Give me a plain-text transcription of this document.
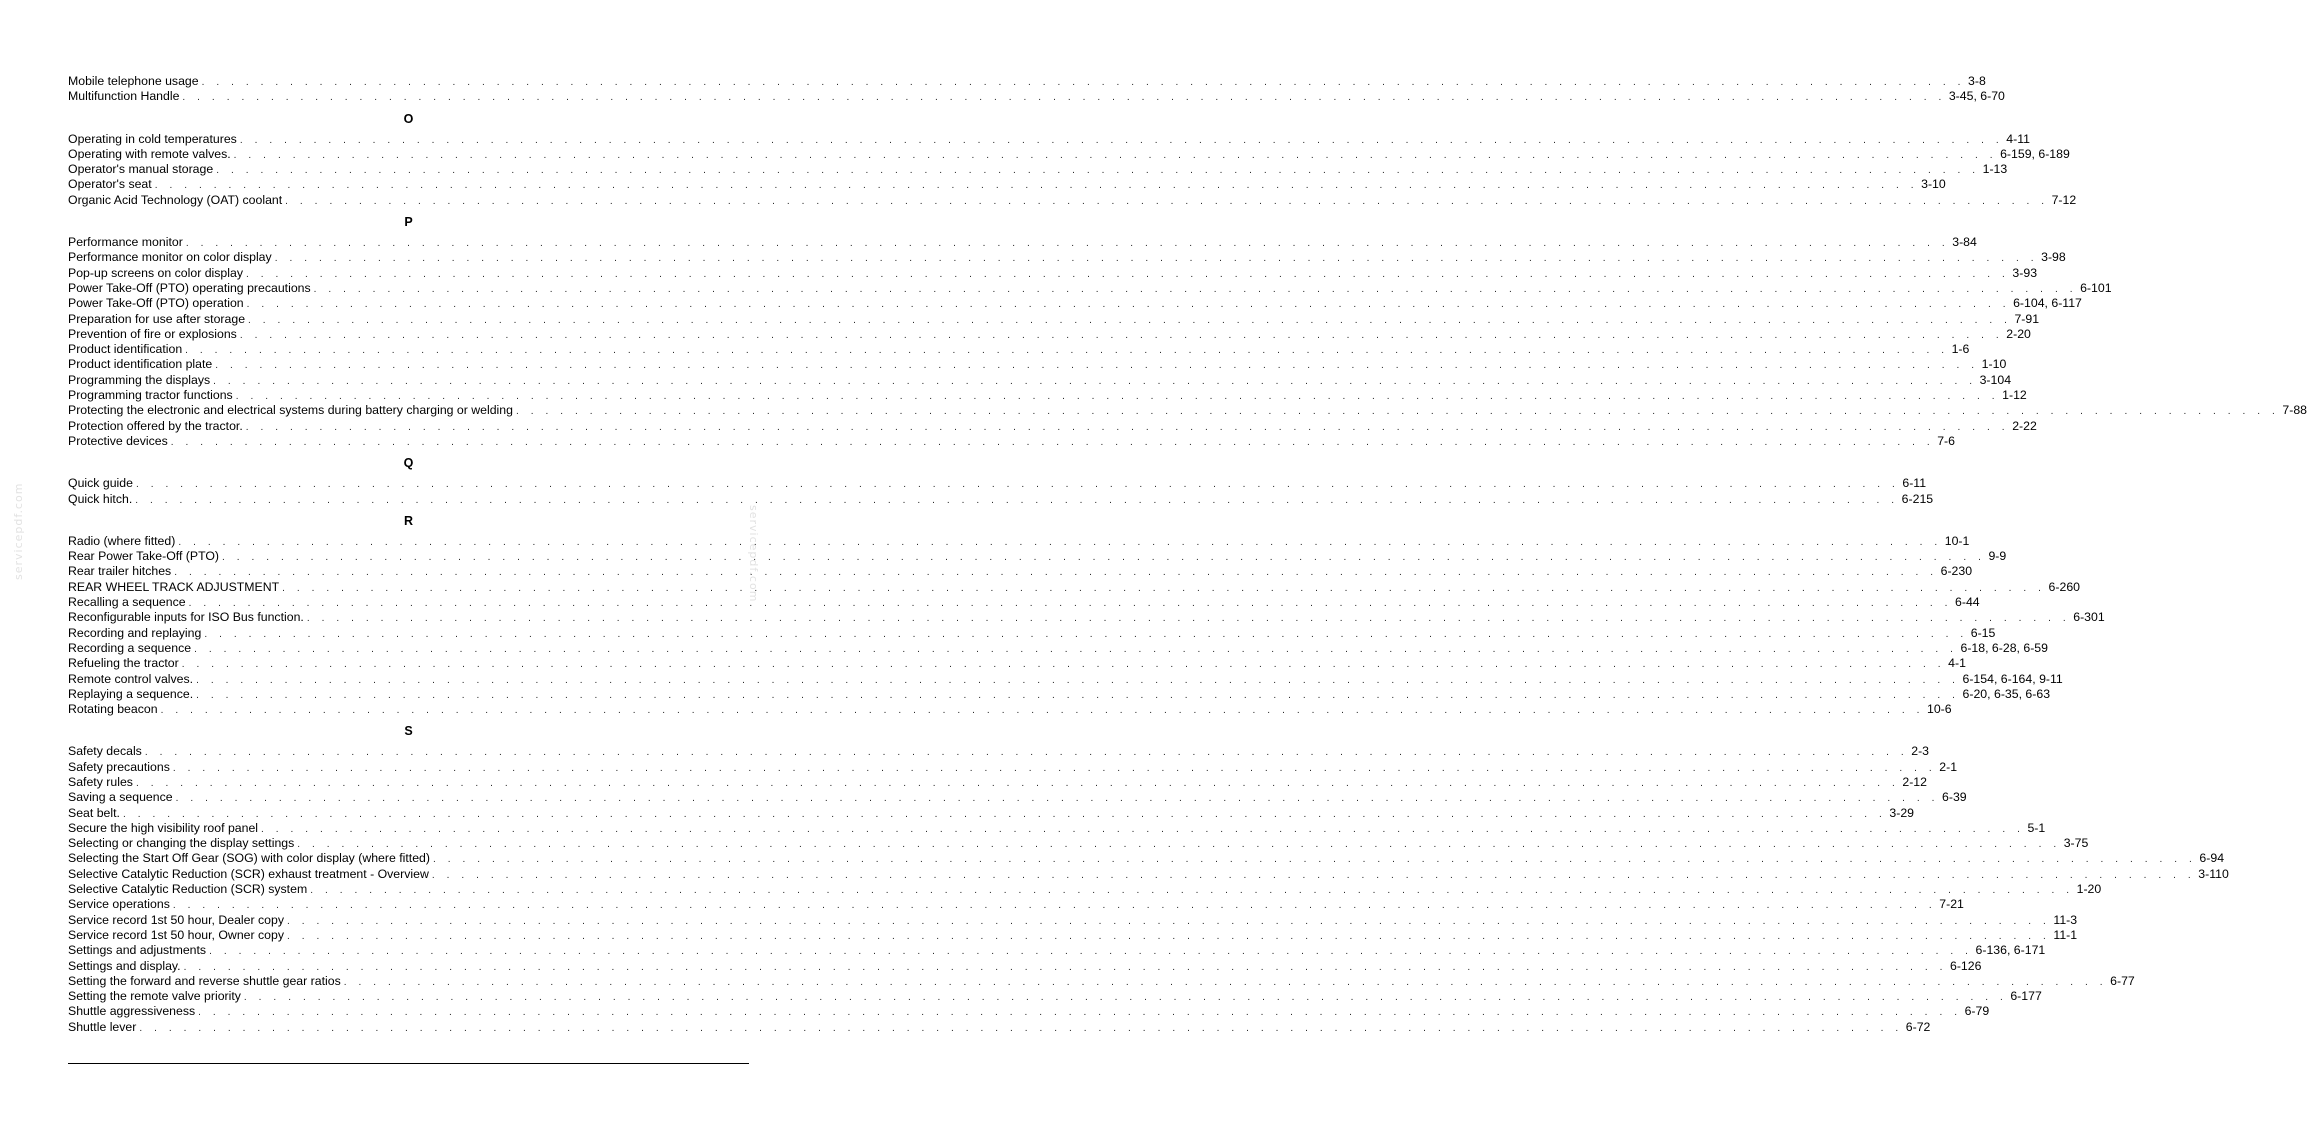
servicepdf.com	servicepdf.com
Mobile telephone usage . . . . . . . . . . . . . . . . . . . . . . . . . . . . . . . . . . . . . . . . . . . . . . . . . . . . . . . . . . . . . . . . . . . . . . . . . . . . . . . . . . . . . . . . . . . . . . . . . . . . . . . . . . . . . . . . . . . . . . . . 3-8
Multifunction Handle . . . . . . . . . . . . . . . . . . . . . . . . . . . . . . . . . . . . . . . . . . . . . . . . . . . . . . . . . . . . . . . . . . . . . . . . . . . . . . . . . . . . . . . . . . . . . . . . . . . . . . . . . . . . . . . . . . . . . . . . 3-45, 6-70
O
Operating in cold temperatures . . . . . . . . . . . . . . . . . . . . . . . . . . . . . . . . . . . . . . . . . . . . . . . . . . . . . . . . . . . . . . . . . . . . . . . . . . . . . . . . . . . . . . . . . . . . . . . . . . . . . . . . . . . . . . . . . . . . . . . . 4-11
Operating with remote valves. . . . . . . . . . . . . . . . . . . . . . . . . . . . . . . . . . . . . . . . . . . . . . . . . . . . . . . . . . . . . . . . . . . . . . . . . . . . . . . . . . . . . . . . . . . . . . . . . . . . . . . . . . . . . . . . . . . . . . . . . 6-159, 6-189
Operator's manual storage . . . . . . . . . . . . . . . . . . . . . . . . . . . . . . . . . . . . . . . . . . . . . . . . . . . . . . . . . . . . . . . . . . . . . . . . . . . . . . . . . . . . . . . . . . . . . . . . . . . . . . . . . . . . . . . . . . . . . . . . 1-13
Operator's seat . . . . . . . . . . . . . . . . . . . . . . . . . . . . . . . . . . . . . . . . . . . . . . . . . . . . . . . . . . . . . . . . . . . . . . . . . . . . . . . . . . . . . . . . . . . . . . . . . . . . . . . . . . . . . . . . . . . . . . . . 3-10
Organic Acid Technology (OAT) coolant . . . . . . . . . . . . . . . . . . . . . . . . . . . . . . . . . . . . . . . . . . . . . . . . . . . . . . . . . . . . . . . . . . . . . . . . . . . . . . . . . . . . . . . . . . . . . . . . . . . . . . . . . . . . . . . . . . . . . . . . 7-12
P
Performance monitor . . . . . . . . . . . . . . . . . . . . . . . . . . . . . . . . . . . . . . . . . . . . . . . . . . . . . . . . . . . . . . . . . . . . . . . . . . . . . . . . . . . . . . . . . . . . . . . . . . . . . . . . . . . . . . . . . . . . . . . . 3-84
Performance monitor on color display . . . . . . . . . . . . . . . . . . . . . . . . . . . . . . . . . . . . . . . . . . . . . . . . . . . . . . . . . . . . . . . . . . . . . . . . . . . . . . . . . . . . . . . . . . . . . . . . . . . . . . . . . . . . . . . . . . . . . . . . 3-98
Pop-up screens on color display . . . . . . . . . . . . . . . . . . . . . . . . . . . . . . . . . . . . . . . . . . . . . . . . . . . . . . . . . . . . . . . . . . . . . . . . . . . . . . . . . . . . . . . . . . . . . . . . . . . . . . . . . . . . . . . . . . . . . . . . 3-93
Power Take-Off (PTO) operating precautions . . . . . . . . . . . . . . . . . . . . . . . . . . . . . . . . . . . . . . . . . . . . . . . . . . . . . . . . . . . . . . . . . . . . . . . . . . . . . . . . . . . . . . . . . . . . . . . . . . . . . . . . . . . . . . . . . . . . . . . . 6-101
Power Take-Off (PTO) operation . . . . . . . . . . . . . . . . . . . . . . . . . . . . . . . . . . . . . . . . . . . . . . . . . . . . . . . . . . . . . . . . . . . . . . . . . . . . . . . . . . . . . . . . . . . . . . . . . . . . . . . . . . . . . . . . . . . . . . . . 6-104, 6-117
Preparation for use after storage . . . . . . . . . . . . . . . . . . . . . . . . . . . . . . . . . . . . . . . . . . . . . . . . . . . . . . . . . . . . . . . . . . . . . . . . . . . . . . . . . . . . . . . . . . . . . . . . . . . . . . . . . . . . . . . . . . . . . . . . 7-91
Prevention of fire or explosions . . . . . . . . . . . . . . . . . . . . . . . . . . . . . . . . . . . . . . . . . . . . . . . . . . . . . . . . . . . . . . . . . . . . . . . . . . . . . . . . . . . . . . . . . . . . . . . . . . . . . . . . . . . . . . . . . . . . . . . . 2-20
Product identification . . . . . . . . . . . . . . . . . . . . . . . . . . . . . . . . . . . . . . . . . . . . . . . . . . . . . . . . . . . . . . . . . . . . . . . . . . . . . . . . . . . . . . . . . . . . . . . . . . . . . . . . . . . . . . . . . . . . . . . . 1-6
Product identification plate . . . . . . . . . . . . . . . . . . . . . . . . . . . . . . . . . . . . . . . . . . . . . . . . . . . . . . . . . . . . . . . . . . . . . . . . . . . . . . . . . . . . . . . . . . . . . . . . . . . . . . . . . . . . . . . . . . . . . . . . 1-10
Programming the displays . . . . . . . . . . . . . . . . . . . . . . . . . . . . . . . . . . . . . . . . . . . . . . . . . . . . . . . . . . . . . . . . . . . . . . . . . . . . . . . . . . . . . . . . . . . . . . . . . . . . . . . . . . . . . . . . . . . . . . . . 3-104
Programming tractor functions . . . . . . . . . . . . . . . . . . . . . . . . . . . . . . . . . . . . . . . . . . . . . . . . . . . . . . . . . . . . . . . . . . . . . . . . . . . . . . . . . . . . . . . . . . . . . . . . . . . . . . . . . . . . . . . . . . . . . . . . 1-12
Protecting the electronic and electrical systems during battery charging or welding . . . . . . . . . . . . . . . . . . . . . . . . . . . . . . . . . . . . . . . . . . . . . . . . . . . . . . . . . . . . . . . . . . . . . . . . . . . . . . . . . . . . . . . . . . . . . . . . . . . . . . . . . . . . . . . . . . . . . . . . 7-88
Protection offered by the tractor. . . . . . . . . . . . . . . . . . . . . . . . . . . . . . . . . . . . . . . . . . . . . . . . . . . . . . . . . . . . . . . . . . . . . . . . . . . . . . . . . . . . . . . . . . . . . . . . . . . . . . . . . . . . . . . . . . . . . . . . . 2-22
Protective devices . . . . . . . . . . . . . . . . . . . . . . . . . . . . . . . . . . . . . . . . . . . . . . . . . . . . . . . . . . . . . . . . . . . . . . . . . . . . . . . . . . . . . . . . . . . . . . . . . . . . . . . . . . . . . . . . . . . . . . . . 7-6
Q
Quick guide . . . . . . . . . . . . . . . . . . . . . . . . . . . . . . . . . . . . . . . . . . . . . . . . . . . . . . . . . . . . . . . . . . . . . . . . . . . . . . . . . . . . . . . . . . . . . . . . . . . . . . . . . . . . . . . . . . . . . . . . 6-11
Quick hitch. . . . . . . . . . . . . . . . . . . . . . . . . . . . . . . . . . . . . . . . . . . . . . . . . . . . . . . . . . . . . . . . . . . . . . . . . . . . . . . . . . . . . . . . . . . . . . . . . . . . . . . . . . . . . . . . . . . . . . . . . 6-215
R
Radio (where fitted) . . . . . . . . . . . . . . . . . . . . . . . . . . . . . . . . . . . . . . . . . . . . . . . . . . . . . . . . . . . . . . . . . . . . . . . . . . . . . . . . . . . . . . . . . . . . . . . . . . . . . . . . . . . . . . . . . . . . . . . . 10-1
Rear Power Take-Off (PTO) . . . . . . . . . . . . . . . . . . . . . . . . . . . . . . . . . . . . . . . . . . . . . . . . . . . . . . . . . . . . . . . . . . . . . . . . . . . . . . . . . . . . . . . . . . . . . . . . . . . . . . . . . . . . . . . . . . . . . . . . 9-9
Rear trailer hitches . . . . . . . . . . . . . . . . . . . . . . . . . . . . . . . . . . . . . . . . . . . . . . . . . . . . . . . . . . . . . . . . . . . . . . . . . . . . . . . . . . . . . . . . . . . . . . . . . . . . . . . . . . . . . . . . . . . . . . . . 6-230
REAR WHEEL TRACK ADJUSTMENT . . . . . . . . . . . . . . . . . . . . . . . . . . . . . . . . . . . . . . . . . . . . . . . . . . . . . . . . . . . . . . . . . . . . . . . . . . . . . . . . . . . . . . . . . . . . . . . . . . . . . . . . . . . . . . . . . . . . . . . . 6-260
Recalling a sequence . . . . . . . . . . . . . . . . . . . . . . . . . . . . . . . . . . . . . . . . . . . . . . . . . . . . . . . . . . . . . . . . . . . . . . . . . . . . . . . . . . . . . . . . . . . . . . . . . . . . . . . . . . . . . . . . . . . . . . . . 6-44
Reconfigurable inputs for ISO Bus function. . . . . . . . . . . . . . . . . . . . . . . . . . . . . . . . . . . . . . . . . . . . . . . . . . . . . . . . . . . . . . . . . . . . . . . . . . . . . . . . . . . . . . . . . . . . . . . . . . . . . . . . . . . . . . . . . . . . . . . . . 6-301
Recording and replaying . . . . . . . . . . . . . . . . . . . . . . . . . . . . . . . . . . . . . . . . . . . . . . . . . . . . . . . . . . . . . . . . . . . . . . . . . . . . . . . . . . . . . . . . . . . . . . . . . . . . . . . . . . . . . . . . . . . . . . . . 6-15
Recording a sequence . . . . . . . . . . . . . . . . . . . . . . . . . . . . . . . . . . . . . . . . . . . . . . . . . . . . . . . . . . . . . . . . . . . . . . . . . . . . . . . . . . . . . . . . . . . . . . . . . . . . . . . . . . . . . . . . . . . . . . . . 6-18, 6-28, 6-59
Refueling the tractor . . . . . . . . . . . . . . . . . . . . . . . . . . . . . . . . . . . . . . . . . . . . . . . . . . . . . . . . . . . . . . . . . . . . . . . . . . . . . . . . . . . . . . . . . . . . . . . . . . . . . . . . . . . . . . . . . . . . . . . . 4-1
Remote control valves. . . . . . . . . . . . . . . . . . . . . . . . . . . . . . . . . . . . . . . . . . . . . . . . . . . . . . . . . . . . . . . . . . . . . . . . . . . . . . . . . . . . . . . . . . . . . . . . . . . . . . . . . . . . . . . . . . . . . . . . . 6-154, 6-164, 9-11
Replaying a sequence. . . . . . . . . . . . . . . . . . . . . . . . . . . . . . . . . . . . . . . . . . . . . . . . . . . . . . . . . . . . . . . . . . . . . . . . . . . . . . . . . . . . . . . . . . . . . . . . . . . . . . . . . . . . . . . . . . . . . . . . . 6-20, 6-35, 6-63
Rotating beacon . . . . . . . . . . . . . . . . . . . . . . . . . . . . . . . . . . . . . . . . . . . . . . . . . . . . . . . . . . . . . . . . . . . . . . . . . . . . . . . . . . . . . . . . . . . . . . . . . . . . . . . . . . . . . . . . . . . . . . . . 10-6
S
Safety decals . . . . . . . . . . . . . . . . . . . . . . . . . . . . . . . . . . . . . . . . . . . . . . . . . . . . . . . . . . . . . . . . . . . . . . . . . . . . . . . . . . . . . . . . . . . . . . . . . . . . . . . . . . . . . . . . . . . . . . . . 2-3
Safety precautions . . . . . . . . . . . . . . . . . . . . . . . . . . . . . . . . . . . . . . . . . . . . . . . . . . . . . . . . . . . . . . . . . . . . . . . . . . . . . . . . . . . . . . . . . . . . . . . . . . . . . . . . . . . . . . . . . . . . . . . . 2-1
Safety rules . . . . . . . . . . . . . . . . . . . . . . . . . . . . . . . . . . . . . . . . . . . . . . . . . . . . . . . . . . . . . . . . . . . . . . . . . . . . . . . . . . . . . . . . . . . . . . . . . . . . . . . . . . . . . . . . . . . . . . . . 2-12
Saving a sequence . . . . . . . . . . . . . . . . . . . . . . . . . . . . . . . . . . . . . . . . . . . . . . . . . . . . . . . . . . . . . . . . . . . . . . . . . . . . . . . . . . . . . . . . . . . . . . . . . . . . . . . . . . . . . . . . . . . . . . . . 6-39
Seat belt. . . . . . . . . . . . . . . . . . . . . . . . . . . . . . . . . . . . . . . . . . . . . . . . . . . . . . . . . . . . . . . . . . . . . . . . . . . . . . . . . . . . . . . . . . . . . . . . . . . . . . . . . . . . . . . . . . . . . . . . . 3-29
Secure the high visibility roof panel . . . . . . . . . . . . . . . . . . . . . . . . . . . . . . . . . . . . . . . . . . . . . . . . . . . . . . . . . . . . . . . . . . . . . . . . . . . . . . . . . . . . . . . . . . . . . . . . . . . . . . . . . . . . . . . . . . . . . . . . 5-1
Selecting or changing the display settings . . . . . . . . . . . . . . . . . . . . . . . . . . . . . . . . . . . . . . . . . . . . . . . . . . . . . . . . . . . . . . . . . . . . . . . . . . . . . . . . . . . . . . . . . . . . . . . . . . . . . . . . . . . . . . . . . . . . . . . . 3-75
Selecting the Start Off Gear (SOG) with color display (where fitted) . . . . . . . . . . . . . . . . . . . . . . . . . . . . . . . . . . . . . . . . . . . . . . . . . . . . . . . . . . . . . . . . . . . . . . . . . . . . . . . . . . . . . . . . . . . . . . . . . . . . . . . . . . . . . . . . . . . . . . . . 6-94
Selective Catalytic Reduction (SCR) exhaust treatment - Overview . . . . . . . . . . . . . . . . . . . . . . . . . . . . . . . . . . . . . . . . . . . . . . . . . . . . . . . . . . . . . . . . . . . . . . . . . . . . . . . . . . . . . . . . . . . . . . . . . . . . . . . . . . . . . . . . . . . . . . . . 3-110
Selective Catalytic Reduction (SCR) system . . . . . . . . . . . . . . . . . . . . . . . . . . . . . . . . . . . . . . . . . . . . . . . . . . . . . . . . . . . . . . . . . . . . . . . . . . . . . . . . . . . . . . . . . . . . . . . . . . . . . . . . . . . . . . . . . . . . . . . . 1-20
Service operations . . . . . . . . . . . . . . . . . . . . . . . . . . . . . . . . . . . . . . . . . . . . . . . . . . . . . . . . . . . . . . . . . . . . . . . . . . . . . . . . . . . . . . . . . . . . . . . . . . . . . . . . . . . . . . . . . . . . . . . . 7-21
Service record 1st 50 hour, Dealer copy . . . . . . . . . . . . . . . . . . . . . . . . . . . . . . . . . . . . . . . . . . . . . . . . . . . . . . . . . . . . . . . . . . . . . . . . . . . . . . . . . . . . . . . . . . . . . . . . . . . . . . . . . . . . . . . . . . . . . . . . 11-3
Service record 1st 50 hour, Owner copy . . . . . . . . . . . . . . . . . . . . . . . . . . . . . . . . . . . . . . . . . . . . . . . . . . . . . . . . . . . . . . . . . . . . . . . . . . . . . . . . . . . . . . . . . . . . . . . . . . . . . . . . . . . . . . . . . . . . . . . . 11-1
Settings and adjustments . . . . . . . . . . . . . . . . . . . . . . . . . . . . . . . . . . . . . . . . . . . . . . . . . . . . . . . . . . . . . . . . . . . . . . . . . . . . . . . . . . . . . . . . . . . . . . . . . . . . . . . . . . . . . . . . . . . . . . . . 6-136, 6-171
Settings and display. . . . . . . . . . . . . . . . . . . . . . . . . . . . . . . . . . . . . . . . . . . . . . . . . . . . . . . . . . . . . . . . . . . . . . . . . . . . . . . . . . . . . . . . . . . . . . . . . . . . . . . . . . . . . . . . . . . . . . . . . 6-126
Setting the forward and reverse shuttle gear ratios . . . . . . . . . . . . . . . . . . . . . . . . . . . . . . . . . . . . . . . . . . . . . . . . . . . . . . . . . . . . . . . . . . . . . . . . . . . . . . . . . . . . . . . . . . . . . . . . . . . . . . . . . . . . . . . . . . . . . . . . 6-77
Setting the remote valve priority . . . . . . . . . . . . . . . . . . . . . . . . . . . . . . . . . . . . . . . . . . . . . . . . . . . . . . . . . . . . . . . . . . . . . . . . . . . . . . . . . . . . . . . . . . . . . . . . . . . . . . . . . . . . . . . . . . . . . . . . 6-177
Shuttle aggressiveness . . . . . . . . . . . . . . . . . . . . . . . . . . . . . . . . . . . . . . . . . . . . . . . . . . . . . . . . . . . . . . . . . . . . . . . . . . . . . . . . . . . . . . . . . . . . . . . . . . . . . . . . . . . . . . . . . . . . . . . . 6-79
Shuttle lever . . . . . . . . . . . . . . . . . . . . . . . . . . . . . . . . . . . . . . . . . . . . . . . . . . . . . . . . . . . . . . . . . . . . . . . . . . . . . . . . . . . . . . . . . . . . . . . . . . . . . . . . . . . . . . . . . . . . . . . . 6-72
